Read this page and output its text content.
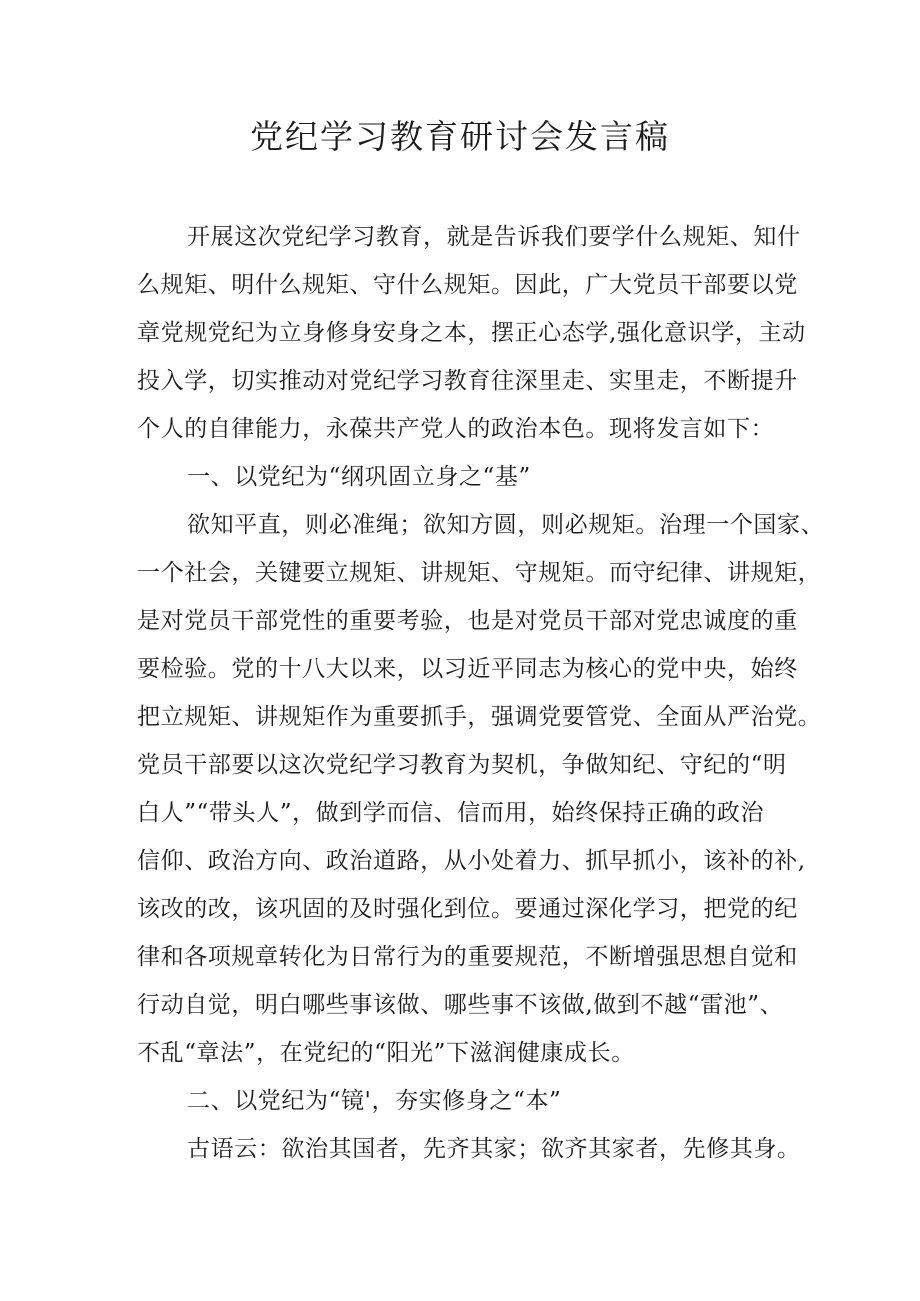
党纪学习教育研讨会发言稿

开展这次党纪学习教育，就是告诉我们要学什么规矩、知什

么规矩、明什么规矩、守什么规矩。因此，广大党员干部要以党

章党规党纪为立身修身安身之本，摆正心态学,强化意识学，主动

投入学，切实推动对党纪学习教育往深里走、实里走，不断提升

个人的自律能力，永葆共产党人的政治本色。现将发言如下：

一、以党纪为“纲巩固立身之“基”

欲知平直，则必准绳；欲知方圆，则必规矩。治理一个国家、

一个社会，关键要立规矩、讲规矩、守规矩。而守纪律、讲规矩，

是对党员干部党性的重要考验，也是对党员干部对党忠诚度的重

要检验。党的十八大以来，以习近平同志为核心的党中央，始终

把立规矩、讲规矩作为重要抓手，强调党要管党、全面从严治党。

党员干部要以这次党纪学习教育为契机，争做知纪、守纪的“明

白人”“带头人”，做到学而信、信而用，始终保持正确的政治

信仰、政治方向、政治道路，从小处着力、抓早抓小，该补的补,

该改的改，该巩固的及时强化到位。要通过深化学习，把党的纪

律和各项规章转化为日常行为的重要规范，不断增强思想自觉和

行动自觉，明白哪些事该做、哪些事不该做,做到不越“雷池”、

不乱“章法”，在党纪的“阳光”下滋润健康成长。

二、以党纪为“镜'，夯实修身之“本”

古语云：欲治其国者，先齐其家；欲齐其家者，先修其身。
